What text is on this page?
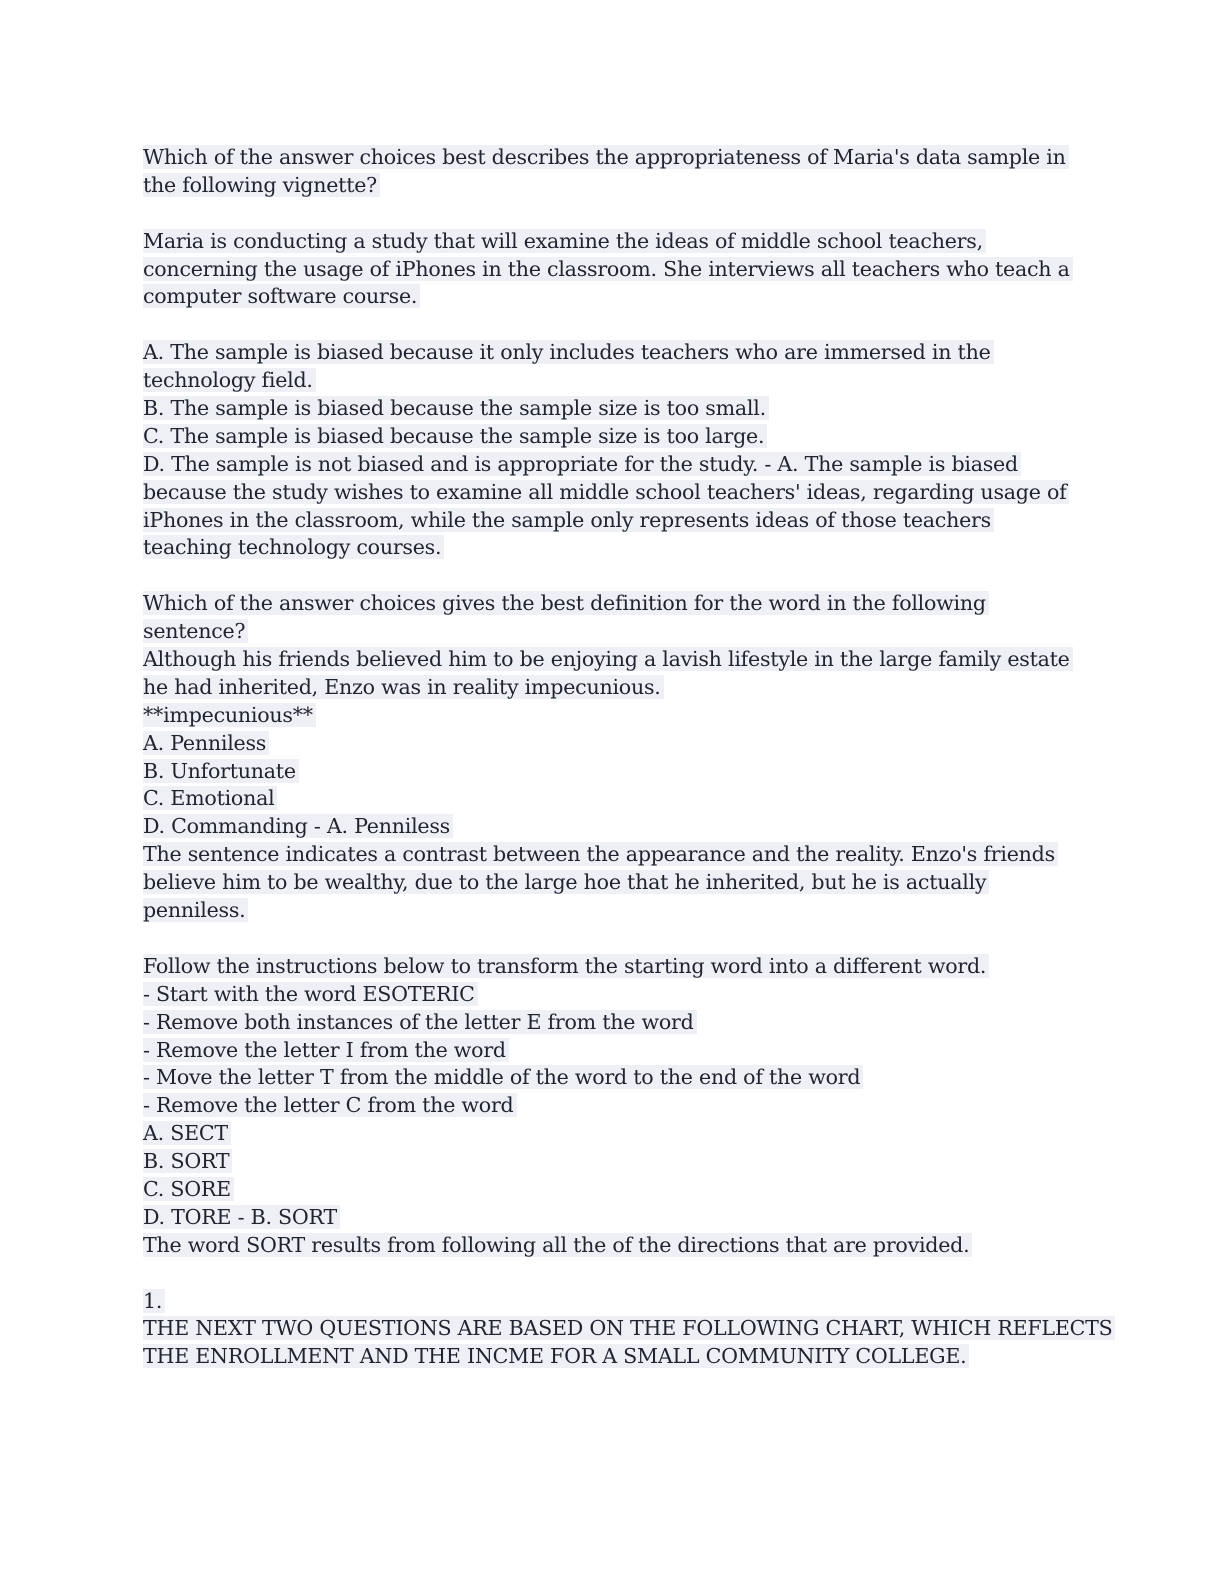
Which of the answer choices best describes the appropriateness of Maria's data sample in
the following vignette?
Maria is conducting a study that will examine the ideas of middle school teachers,
concerning the usage of iPhones in the classroom. She interviews all teachers who teach a
computer software course.
A. The sample is biased because it only includes teachers who are immersed in the
technology field.
B. The sample is biased because the sample size is too small.
C. The sample is biased because the sample size is too large.
D. The sample is not biased and is appropriate for the study. - A. The sample is biased
because the study wishes to examine all middle school teachers' ideas, regarding usage of
iPhones in the classroom, while the sample only represents ideas of those teachers
teaching technology courses.
Which of the answer choices gives the best definition for the word in the following
sentence?
Although his friends believed him to be enjoying a lavish lifestyle in the large family estate
he had inherited, Enzo was in reality impecunious.
**impecunious**
A. Penniless
B. Unfortunate
C. Emotional
D. Commanding - A. Penniless
The sentence indicates a contrast between the appearance and the reality. Enzo's friends
believe him to be wealthy, due to the large hoe that he inherited, but he is actually
penniless.
Follow the instructions below to transform the starting word into a different word.
- Start with the word ESOTERIC
- Remove both instances of the letter E from the word
- Remove the letter I from the word
- Move the letter T from the middle of the word to the end of the word
- Remove the letter C from the word
A. SECT
B. SORT
C. SORE
D. TORE - B. SORT
The word SORT results from following all the of the directions that are provided.
1.
THE NEXT TWO QUESTIONS ARE BASED ON THE FOLLOWING CHART, WHICH REFLECTS
THE ENROLLMENT AND THE INCME FOR A SMALL COMMUNITY COLLEGE.
